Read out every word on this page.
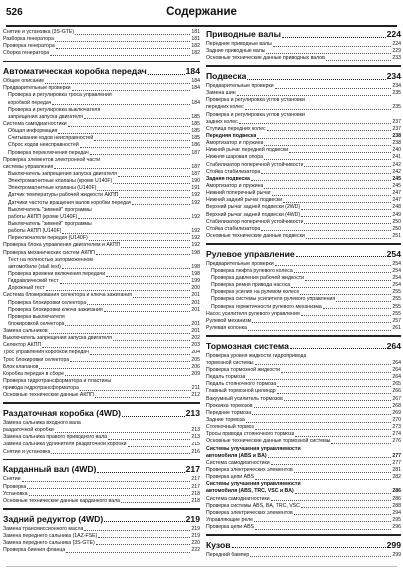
526	Содержание
Снятие и установка (3S-GTE)	181
Разборка генератора	181
Проверка генератора	182
Сборка генератора	182
Автоматическая коробка передач	184
Общее описание	184
Предварительные проверки	184
Проверка и регулировка троса управления
коробкой передач	184
Проверка и регулировка выключателя
запрещения запуска двигателя	185
Система самодиагностики	185
Общая информация	185
Считывание кодов неисправностей	185
Сброс кодов неисправностей	186
Проверка переключения передач	187
Проверка элементов электронной части
системы управления	187
Выключатель запрещения запуска двигателя	187
Электромагнитные клапаны (кроме U140F)	190
Электромагнитные клапаны (U140F)	191
Датчик температуры рабочей жидкости АКПП	192
Датчики частоты вращения валов коробки передач	192
Выключатель "зимней" программы
работы АКПП (кроме U140F)	192
Выключатель "зимней" программы
работы АКПП (U140F)	192
Переключатели передач (U140F)	192
Проверка блока управления двигателем и АКПП	192
Проверка механических систем АКПП	198
Тест на полностью заторможенном
автомобиле (stall test)	198
Проверка времени включения передачи	198
Гидравлический тест	199
Дорожный тест	200
Система блокирования селектора и ключа зажигания	201
Проверка блокировки селектора	201
Проверка блокировки ключа зажигания	201
Проверка выключателя
блокировкой селектора	201
Замена сальников	201
Выключатель запрещения запуска двигателя	202
Селектор АКПП	203
Трос управления коробкой передач	204
Трос блокировки селектора	205
Блок клапанов	206
Коробка передач в сборе	209
Проверка гидротрансформатора и пластины
привода гидротрансформатора	211
Основные технические данные АКПП	212
Раздаточная коробка (4WD)	213
Замена сальника входного вала
раздаточной коробки	213
Замена сальника правого приводного вала	213
Замена сальника удлинителя раздаточной коробки	215
Снятие и установка	216
Карданный вал (4WD)	217
Снятие	217
Проверка	217
Установка	218
Основные технические данные карданного вала	218
Задний редуктор (4WD)	219
Замена трансмиссионного масла	219
Замена переднего сальника (1AZ-FSE)	219
Замена переднего сальника (3S-GTE)	220
Проверка биения фланца	222
Приводные валы	224
Передние приводные валы	224
Задние приводные валы	229
Основные технические данные приводных валов	233
Подвеска	234
Предварительные проверки	234
Замена шин	235
Проверка и регулировка углов установки
передних колес	235
Проверка и регулировка углов установки
задних колес	237
Ступица передних колес	237
Передняя подвеска	238
Амортизатор и пружина	238
Нижний рычаг передней подвески	240
Нижняя шаровая опора	241
Стабилизатор поперечной устойчивости	242
Стойка стабилизатора	242
Задняя подвеска	245
Амортизатор и пружина	245
Нижний поперечный рычаг	247
Нижний задний рычаг подвески	247
Верхний рычаг задней подвески (2WD)	248
Верхний рычаг задней подвески (4WD)	249
Стабилизатор поперечной устойчивости	250
Стойка стабилизатора	250
Основные технические данные подвески	251
Рулевое управление	254
Предварительные проверки	254
Проверка люфта рулевого колеса	254
Проверка давления рабочей жидкости	254
Проверка ремня привода насоса	254
Проверка усилия на рулевом колесе	255
Проверка системы усилителя рулевого управления	255
Проверка герметичности рулевого механизма	255
Насос усилителя рулевого управления	255
Рулевой механизм	257
Рулевая колонка	261
Тормозная система	264
Проверка уровня жидкости гидропривода
тормозной системы	264
Проверка тормозной жидкости	264
Педаль тормоза	264
Педаль стояночного тормоза	265
Главный тормозной цилиндр	266
Вакуумный усилитель тормозов	267
Прокачка тормозов	268
Передние тормоза	269
Задние тормоза	270
Стояночный тормоз	273
Тросы привода стояночного тормоза	274
Основные технические данные тормозной системы	276
Системы улучшения управляемости
автомобиля (ABS и BA)	277
Система самодиагностики	277
Проверка электрических элементов	281
Проверка цепи ABS	282
Системы улучшения управляемости
автомобиля (ABS, TRC, VSC и BA)	286
Система самодиагностики	286
Проверка системы ABS, BA, TRC, VSC	288
Проверка электрических элементов	294
Управляющие реле	295
Проверка цепи ABS	296
Кузов	299
Передний бампер	299
